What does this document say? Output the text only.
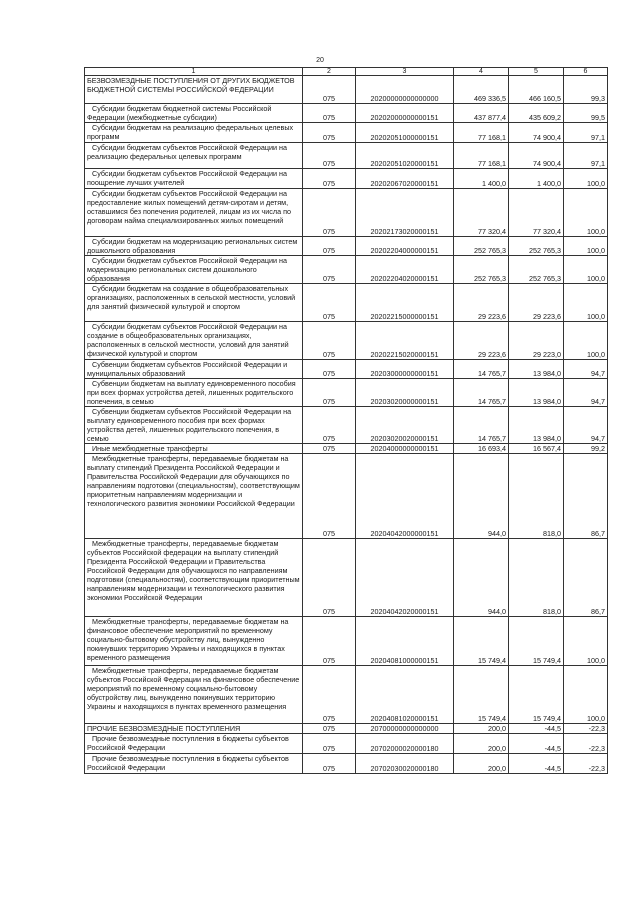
20
1	2	3	4	5	6
БЕЗВОЗМЕЗДНЫЕ ПОСТУПЛЕНИЯ ОТ ДРУГИХ БЮДЖЕТОВ БЮДЖЕТНОЙ СИСТЕМЫ РОССИЙСКОЙ ФЕДЕРАЦИИ	075	20200000000000000	469 336,5	466 160,5	99,3
Субсидии бюджетам бюджетной системы Российской Федерации (межбюджетные субсидии)	075	20202000000000151	437 877,4	435 609,2	99,5
Субсидии бюджетам на реализацию федеральных целевых программ	075	20202051000000151	77 168,1	74 900,4	97,1
Субсидии бюджетам субъектов Российской Федерации на реализацию федеральных целевых программ	075	20202051020000151	77 168,1	74 900,4	97,1
Субсидии бюджетам субъектов Российской Федерации на поощрение лучших учителей	075	20202067020000151	1 400,0	1 400,0	100,0
Субсидии бюджетам субъектов Российской Федерации на предоставление жилых помещений детям-сиротам и детям, оставшимся без попечения родителей, лицам из их числа по договорам найма специализированных жилых помещений	075	20202173020000151	77 320,4	77 320,4	100,0
Субсидии бюджетам на модернизацию региональных систем дошкольного образования	075	20202204000000151	252 765,3	252 765,3	100,0
Субсидии бюджетам субъектов Российской Федерации на модернизацию региональных систем дошкольного образования	075	20202204020000151	252 765,3	252 765,3	100,0
Субсидии бюджетам на создание в общеобразовательных организациях, расположенных в сельской местности, условий для занятий физической культурой и спортом	075	20202215000000151	29 223,6	29 223,6	100,0
Субсидии бюджетам субъектов Российской Федерации на создание в общеобразовательных организациях, расположенных в сельской местности, условий для занятий физической культурой и спортом	075	20202215020000151	29 223,6	29 223,0	100,0
Субвенции бюджетам субъектов Российской Федерации и муниципальных образований	075	20203000000000151	14 765,7	13 984,0	94,7
Субвенции бюджетам на выплату единовременного пособия при всех формах устройства детей, лишенных родительского попечения, в семью	075	20203020000000151	14 765,7	13 984,0	94,7
Субвенции бюджетам субъектов Российской Федерации на выплату единовременного пособия при всех формах устройства детей, лишенных родительского попечения, в семью	075	20203020020000151	14 765,7	13 984,0	94,7
Иные межбюджетные трансферты	075	20204000000000151	16 693,4	16 567,4	99,2
Межбюджетные трансферты, передаваемые бюджетам на выплату стипендий Президента Российской Федерации и Правительства Российской Федерации для обучающихся по направлениям подготовки (специальностям), соответствующим приоритетным направлениям модернизации и технологического развития экономики Российской Федерации	075	20204042000000151	944,0	818,0	86,7
Межбюджетные трансферты, передаваемые бюджетам субъектов Российской федерации на выплату стипендий Президента Российской Федерации и Правительства Российской Федерации для обучающихся по направлениям подготовки (специальностям), соответствующим приоритетным направлениям модернизации и технологического развития экономики Российской Федерации	075	20204042020000151	944,0	818,0	86,7
Межбюджетные трансферты, передаваемые бюджетам на финансовое обеспечение мероприятий по временному социально-бытовому обустройству лиц, вынужденно покинувших территорию Украины и находящихся в пунктах временного размещения	075	20204081000000151	15 749,4	15 749,4	100,0
Межбюджетные трансферты, передаваемые бюджетам субъектов Российской Федерации на финансовое обеспечение мероприятий по временному социально-бытовому обустройству лиц, вынужденно покинувших территорию Украины и находящихся в пунктах временного размещения	075	20204081020000151	15 749,4	15 749,4	100,0
ПРОЧИЕ БЕЗВОЗМЕЗДНЫЕ ПОСТУПЛЕНИЯ	075	20700000000000000	200,0	-44,5	-22,3
Прочие безвозмездные поступления в бюджеты субъектов Российской Федерации	075	20702000020000180	200,0	-44,5	-22,3
Прочие безвозмездные поступления в бюджеты субъектов Российской Федерации	075	20702030020000180	200,0	-44,5	-22,3
